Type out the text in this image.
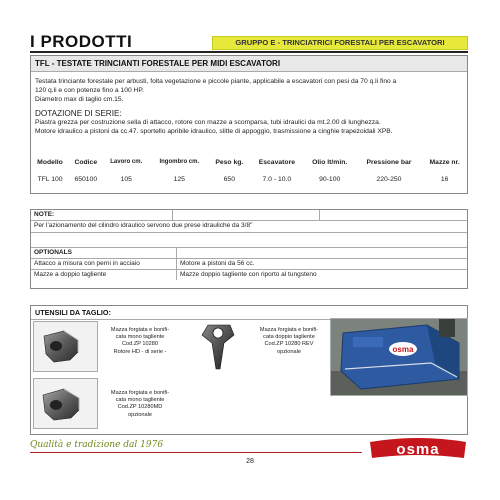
I PRODOTTI	GRUPPO E - TRINCIATRICI FORESTALI PER ESCAVATORI
TFL - TESTATE TRINCIANTI FORESTALE PER MIDI ESCAVATORI
Testata trinciante forestale per arbusti, folta vegetazione e piccole piante, applicabile a escavatori con pesi da 70 q.li fino a
120 q.li e con potenze fino a 100 HP.
Diametro max di taglio cm.15.
DOTAZIONE DI SERIE:
Piastra grezza per costruzione sella di attacco, rotore con mazze a scomparsa, tubi idraulici da mt.2.00 di lunghezza.
Motore idraulico a pistoni da cc.47. sportello apribile idraulico, slitte di appoggio, trasmissione a cinghie trapezoidali XPB.
Modello	Codice	Lavoro cm.	Ingombro cm.	Peso kg.	Escavatore	Olio lt/min.	Pressione bar	Mazze nr.
TFL 100	650100	105	125	650	7.0 - 10.0	90-100	220-250	16
NOTE:
Per l’azionamento del cilindro idraulico servono due prese idrauliche da 3/8"
OPTIONALS
Attacco a misura con perni in acciaio	Motore a pistoni da 56 cc.
Mazze a doppio tagliente	Mazze doppio tagliente con riporto al tungsteno
UTENSILI DA TAGLIO:
Mazza forgiata e bonifi-
cata mono tagliente
Cod.ZP 10280
Rotore HD - di serie -
Mazza forgiata e bonifi-
cata doppio tagliente
Cod.ZP 10280 REV
opzionale	osma
Mazza forgiata e bonifi-
cata mono tagliente
Cod.ZP 10280MD
opzionale
Qualità e tradizione dal 1976
28
osma
